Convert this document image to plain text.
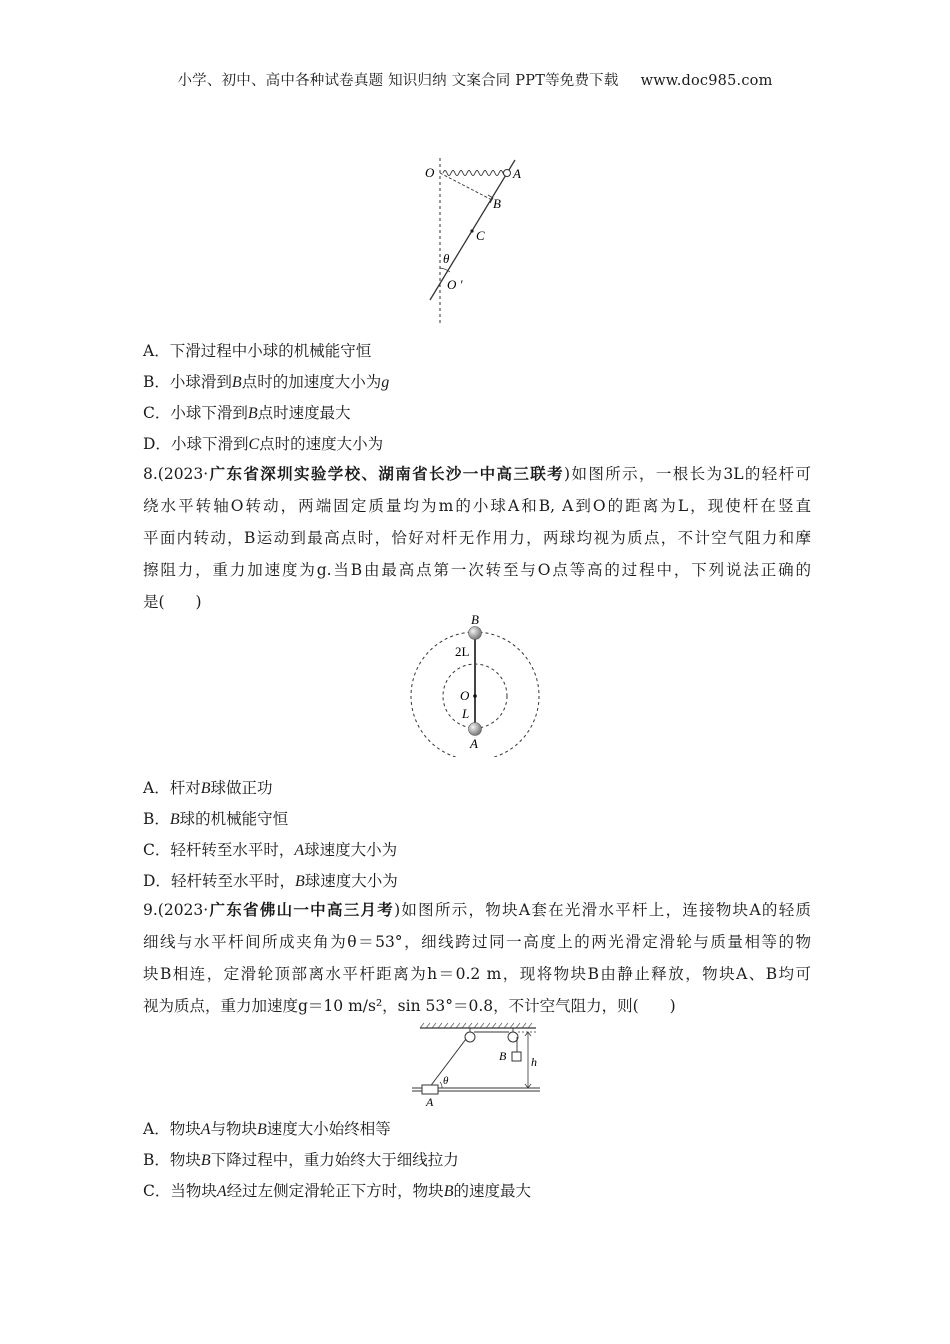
小学、初中、高中各种试卷真题 知识归纳 文案合同 PPT等免费下载 www.doc985.com
O	A
B
C
θ
O ′
A．下滑过程中小球的机械能守恒
B．小球滑到B点时的加速度大小为g
C．小球下滑到B点时速度最大
D．小球下滑到C点时的速度大小为
8.(2023·广东省深圳实验学校、湖南省长沙一中高三联考)如图所示，一根长为3L的轻杆可
绕水平转轴O转动，两端固定质量均为m的小球A和B, A到O的距离为L，现使杆在竖直
平面内转动，B运动到最高点时，恰好对杆无作用力，两球均视为质点，不计空气阻力和摩
擦阻力，重力加速度为g.当B由最高点第一次转至与O点等高的过程中，下列说法正确的
是(　　)
B
2L
O
L
A
A．杆对B球做正功
B．B球的机械能守恒
C．轻杆转至水平时，A球速度大小为
D．轻杆转至水平时，B球速度大小为
9.(2023·广东省佛山一中高三月考)如图所示，物块A套在光滑水平杆上，连接物块A的轻质
细线与水平杆间所成夹角为θ＝53°，细线跨过同一高度上的两光滑定滑轮与质量相等的物
块B相连，定滑轮顶部离水平杆距离为h＝0.2 m，现将物块B由静止释放，物块A、B均可
视为质点，重力加速度g＝10 m/s²，sin 53°＝0.8，不计空气阻力，则(　　)
B h
θ
A
A．物块A与物块B速度大小始终相等
B．物块B下降过程中，重力始终大于细线拉力
C．当物块A经过左侧定滑轮正下方时，物块B的速度最大
